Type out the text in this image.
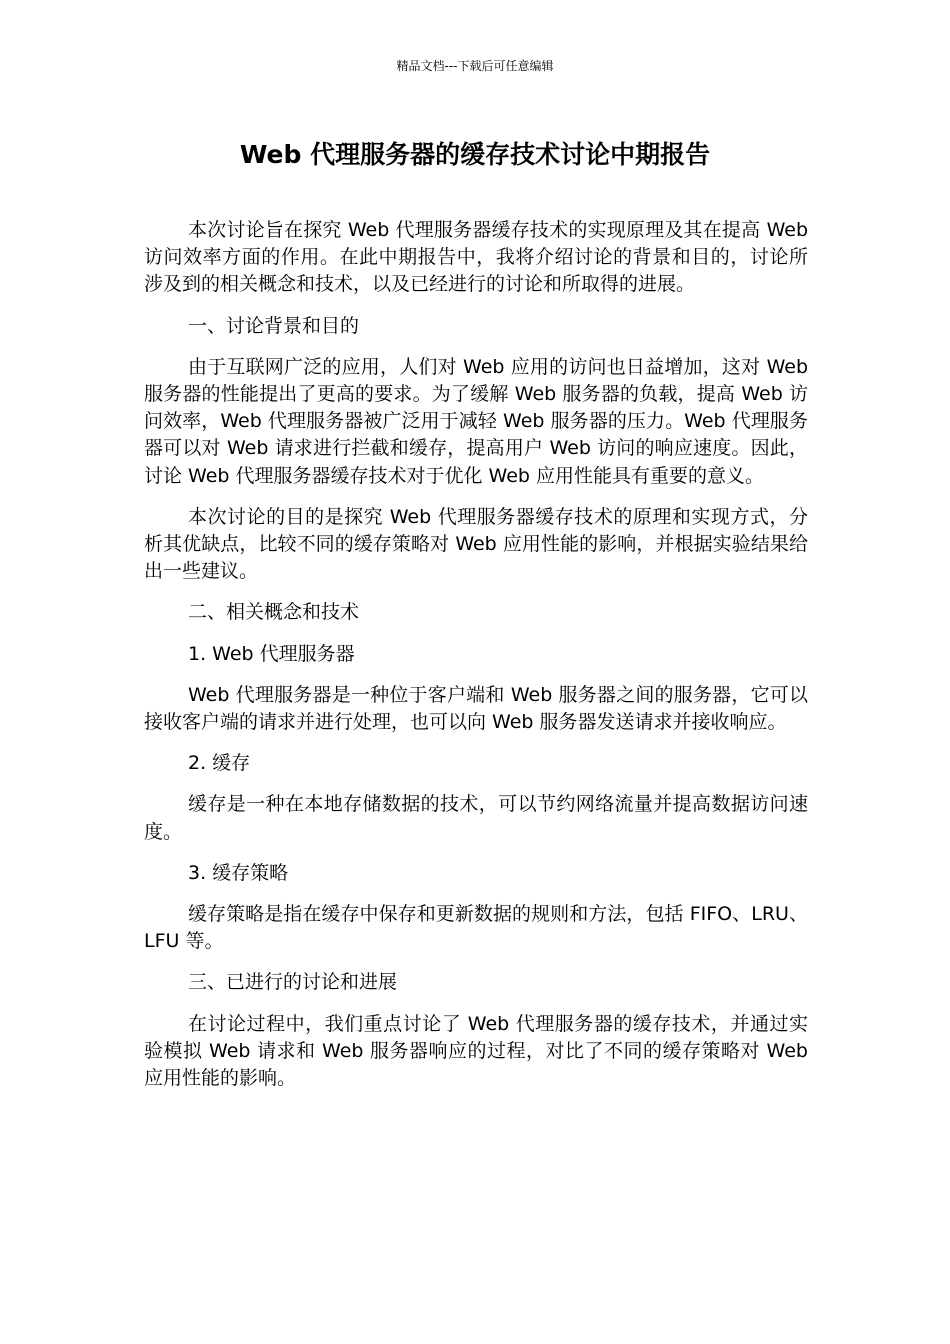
精品文档---下载后可任意编辑
Web 代理服务器的缓存技术讨论中期报告

本次讨论旨在探究 Web 代理服务器缓存技术的实现原理及其在提高 Web 访问效率方面的作用。在此中期报告中，我将介绍讨论的背景和目的，讨论所涉及到的相关概念和技术，以及已经进行的讨论和所取得的进展。

一、讨论背景和目的

由于互联网广泛的应用，人们对 Web 应用的访问也日益增加，这对 Web 服务器的性能提出了更高的要求。为了缓解 Web 服务器的负载，提高 Web 访问效率，Web 代理服务器被广泛用于减轻 Web 服务器的压力。Web 代理服务器可以对 Web 请求进行拦截和缓存，提高用户 Web 访问的响应速度。因此，讨论 Web 代理服务器缓存技术对于优化 Web 应用性能具有重要的意义。

本次讨论的目的是探究 Web 代理服务器缓存技术的原理和实现方式，分析其优缺点，比较不同的缓存策略对 Web 应用性能的影响，并根据实验结果给出一些建议。

二、相关概念和技术

1. Web 代理服务器

Web 代理服务器是一种位于客户端和 Web 服务器之间的服务器，它可以接收客户端的请求并进行处理，也可以向 Web 服务器发送请求并接收响应。

2. 缓存

缓存是一种在本地存储数据的技术，可以节约网络流量并提高数据访问速度。

3. 缓存策略

缓存策略是指在缓存中保存和更新数据的规则和方法，包括 FIFO、LRU、LFU 等。

三、已进行的讨论和进展

在讨论过程中，我们重点讨论了 Web 代理服务器的缓存技术，并通过实验模拟 Web 请求和 Web 服务器响应的过程，对比了不同的缓存策略对 Web 应用性能的影响。
